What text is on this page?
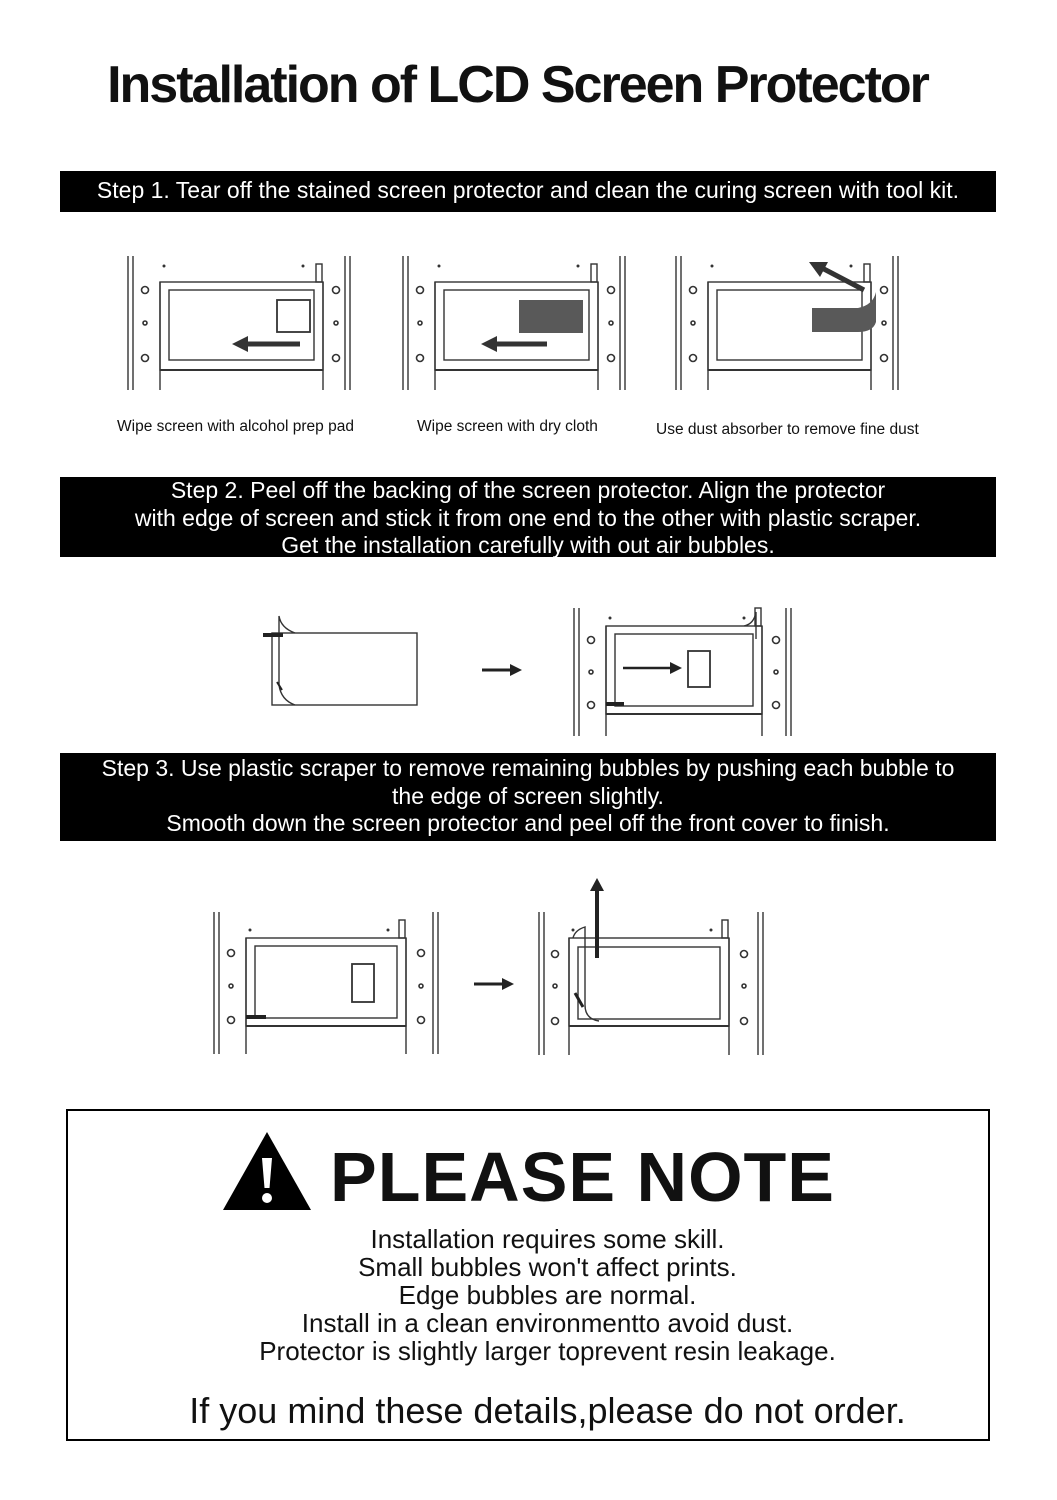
Installation of LCD Screen Protector
Step 1. Tear off the stained screen protector and clean the curing screen with tool kit.
Wipe screen with alcohol prep pad	Wipe screen with dry cloth	Use dust absorber to remove fine dust
Step 2. Peel off the backing of the screen protector. Align the protector
with edge of screen and stick it from one end to the other with plastic scraper.
Get the installation carefully with out air bubbles.
Step 3. Use plastic scraper to remove remaining bubbles by pushing each bubble to
the edge of screen slightly.
Smooth down the screen protector and peel off the front cover to finish.
PLEASE NOTE
Installation requires some skill.
Small bubbles won't affect prints.
Edge bubbles are normal.
Install in a clean environmentto avoid dust.
Protector is slightly larger toprevent resin leakage.
If you mind these details,please do not order.
